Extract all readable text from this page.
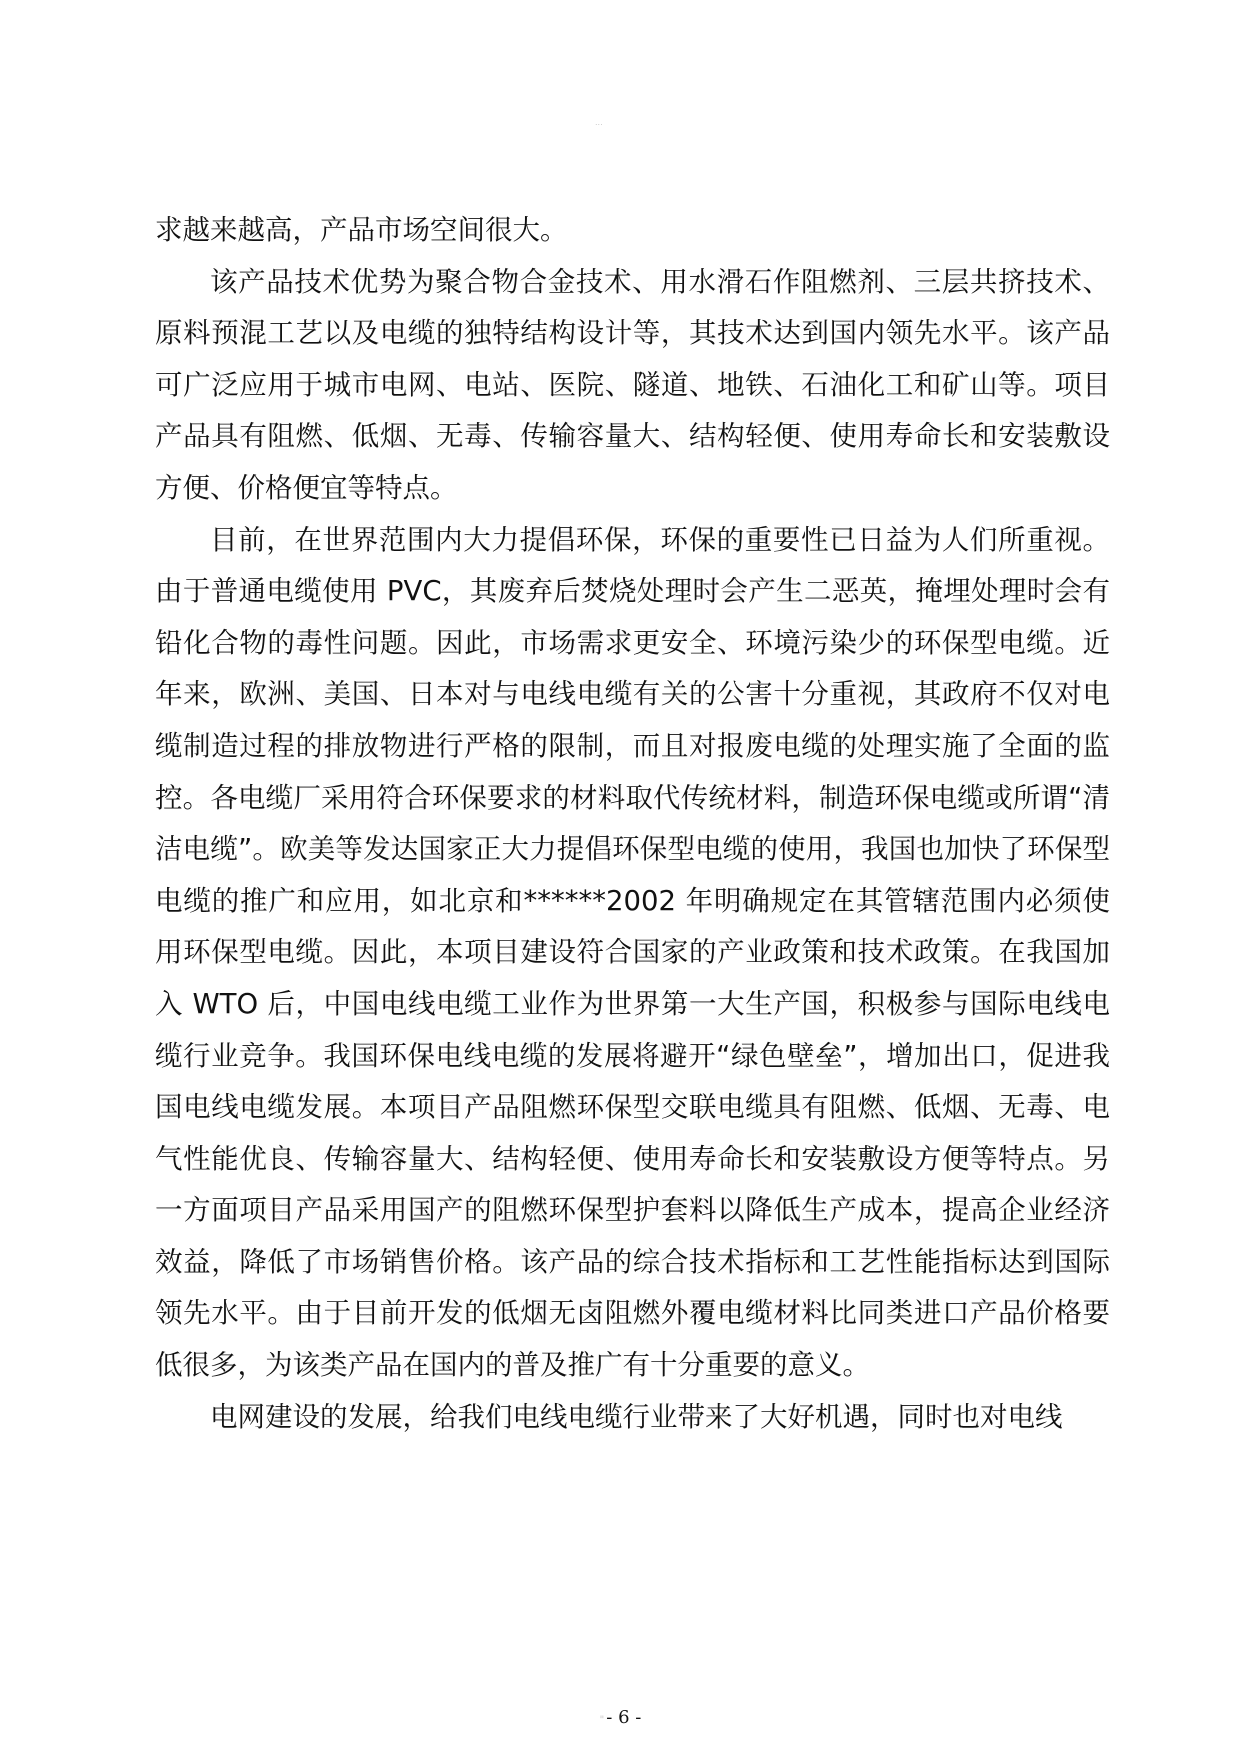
...

求越来越高，产品市场空间很大。

该产品技术优势为聚合物合金技术、用水滑石作阻燃剂、三层共挤技术、原料预混工艺以及电缆的独特结构设计等，其技术达到国内领先水平。该产品可广泛应用于城市电网、电站、医院、隧道、地铁、石油化工和矿山等。项目产品具有阻燃、低烟、无毒、传输容量大、结构轻便、使用寿命长和安装敷设方便、价格便宜等特点。

目前，在世界范围内大力提倡环保，环保的重要性已日益为人们所重视。由于普通电缆使用 PVC，其废弃后焚烧处理时会产生二恶英，掩埋处理时会有铅化合物的毒性问题。因此，市场需求更安全、环境污染少的环保型电缆。近年来，欧洲、美国、日本对与电线电缆有关的公害十分重视，其政府不仅对电缆制造过程的排放物进行严格的限制，而且对报废电缆的处理实施了全面的监控。各电缆厂采用符合环保要求的材料取代传统材料，制造环保电缆或所谓“清洁电缆”。欧美等发达国家正大力提倡环保型电缆的使用，我国也加快了环保型电缆的推广和应用，如北京和******2002 年明确规定在其管辖范围内必须使用环保型电缆。因此，本项目建设符合国家的产业政策和技术政策。在我国加入 WTO 后，中国电线电缆工业作为世界第一大生产国，积极参与国际电线电缆行业竞争。我国环保电线电缆的发展将避开“绿色壁垒”，增加出口，促进我国电线电缆发展。本项目产品阻燃环保型交联电缆具有阻燃、低烟、无毒、电气性能优良、传输容量大、结构轻便、使用寿命长和安装敷设方便等特点。另一方面项目产品采用国产的阻燃环保型护套料以降低生产成本，提高企业经济效益，降低了市场销售价格。该产品的综合技术指标和工艺性能指标达到国际领先水平。由于目前开发的低烟无卤阻燃外覆电缆材料比同类进口产品价格要低很多，为该类产品在国内的普及推广有十分重要的意义。

电网建设的发展，给我们电线电缆行业带来了大好机遇，同时也对电线

" - 6 -
